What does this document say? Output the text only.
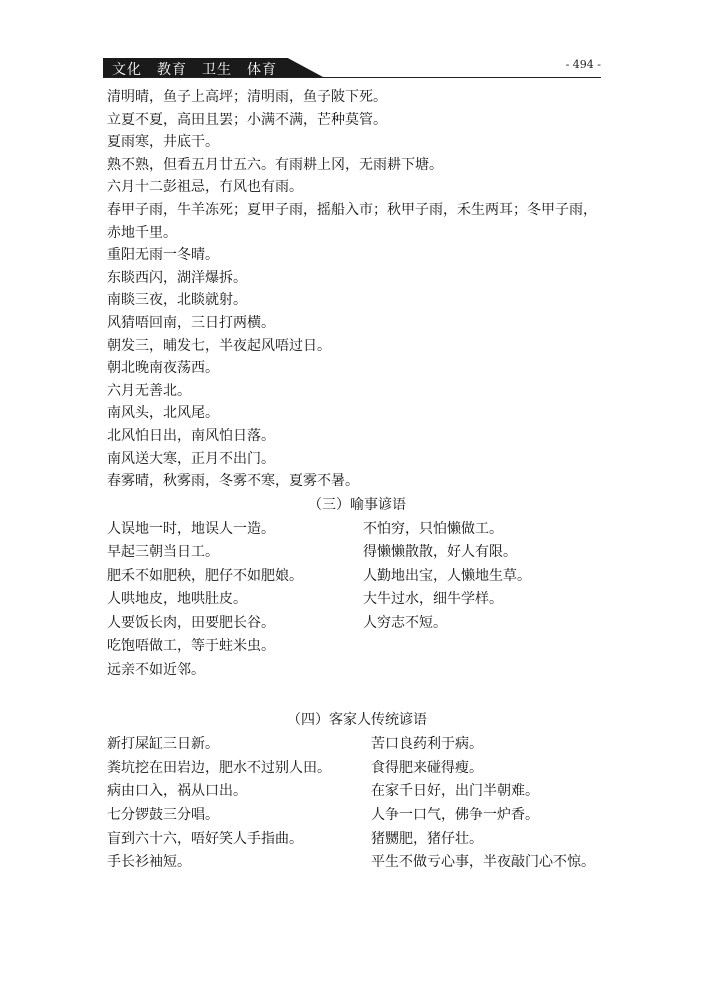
文化　教育　卫生　体育	- 494 -
清明晴，鱼子上高坪；清明雨，鱼子陂下死。
立夏不夏，高田且罢；小满不满，芒种莫管。
夏雨寒，井底干。
熟不熟，但看五月廿五六。有雨耕上冈，无雨耕下塘。
六月十二彭祖忌，冇风也有雨。
春甲子雨，牛羊冻死；夏甲子雨，摇船入市；秋甲子雨，禾生两耳；冬甲子雨，
赤地千里。
重阳无雨一冬晴。
东睒西闪，湖洋爆拆。
南睒三夜，北睒就射。
风猜唔回南，三日打两横。
朝发三，晡发七，半夜起风唔过日。
朝北晚南夜荡西。
六月无善北。
南风头，北风尾。
北风怕日出，南风怕日落。
南风送大寒，正月不出门。
春雾晴，秋雾雨，冬雾不寒，夏雾不暑。
（三）喻事谚语
人误地一时，地误人一造。	不怕穷，只怕懒做工。
早起三朝当日工。	得懒懒散散，好人有限。
肥禾不如肥秧，肥仔不如肥娘。	人勤地出宝，人懒地生草。
人哄地皮，地哄肚皮。	大牛过水，细牛学样。
人要饭长肉，田要肥长谷。	人穷志不短。
吃饱唔做工，等于蛀米虫。
远亲不如近邻。
（四）客家人传统谚语
新打屎缸三日新。	苦口良药利于病。
粪坑挖在田岩边，肥水不过别人田。	食得肥来碰得瘦。
病由口入，祸从口出。	在家千日好，出门半朝难。
七分锣鼓三分唱。	人争一口气，佛争一炉香。
盲到六十六，唔好笑人手指曲。	猪嬲肥，猪仔壮。
手长衫袖短。	平生不做亏心事，半夜敲门心不惊。
